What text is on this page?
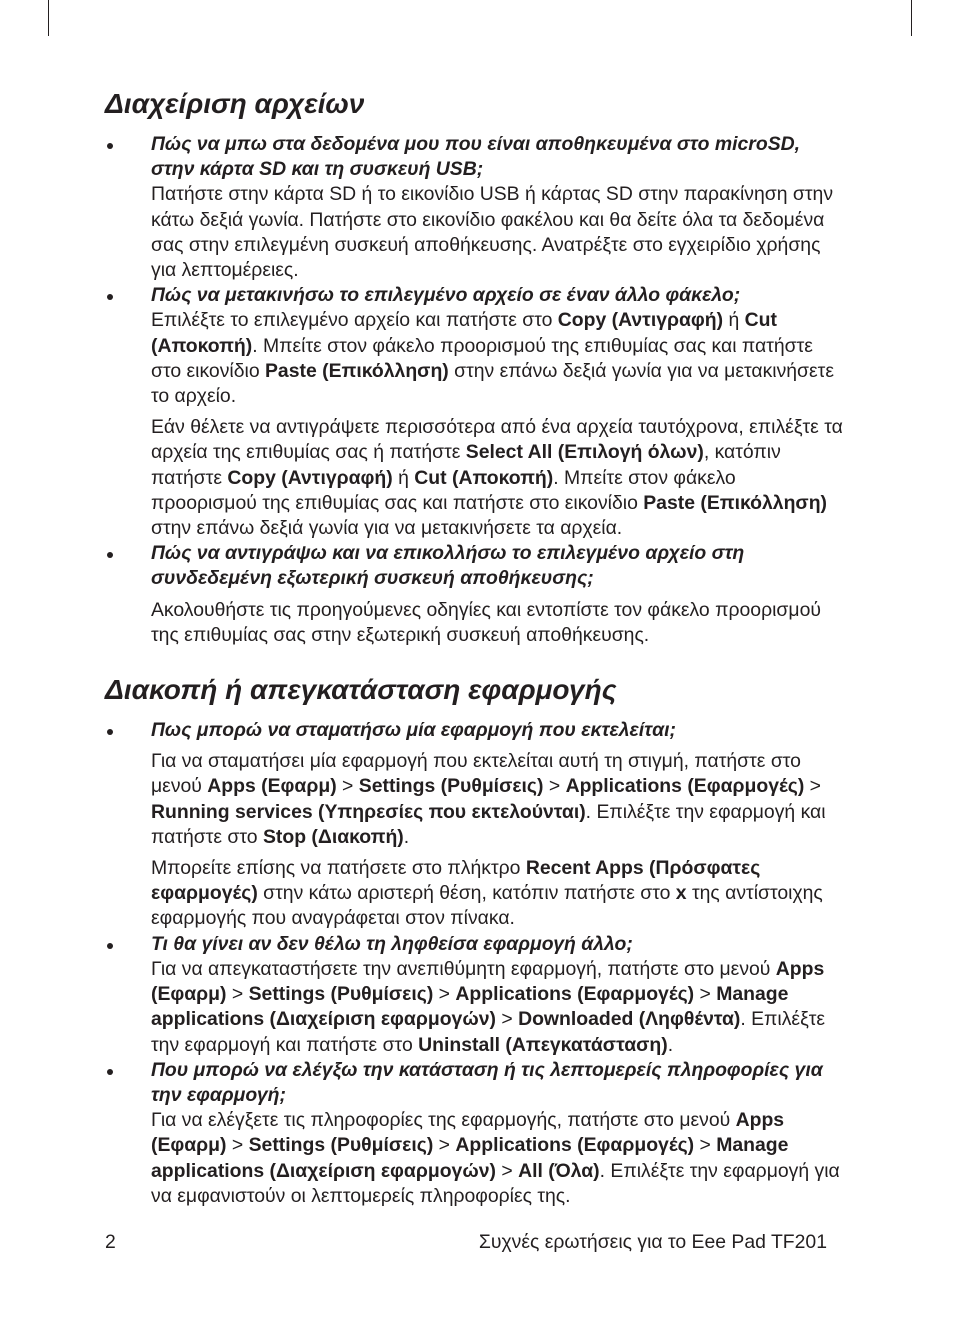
Διαχείριση αρχείων
Πώς να μπω στα δεδομένα μου που είναι αποθηκευμένα στο microSD, στην κάρτα SD και τη συσκευή USB;
Πατήστε στην κάρτα SD ή το εικονίδιο USB ή κάρτας SD στην παρακίνηση στην κάτω δεξιά γωνία. Πατήστε στο εικονίδιο φακέλου και θα δείτε όλα τα δεδομένα σας στην επιλεγμένη συσκευή αποθήκευσης. Ανατρέξτε στο εγχειρίδιο χρήσης για λεπτομέρειες.
Πώς να μετακινήσω το επιλεγμένο αρχείο σε έναν άλλο φάκελο;
Επιλέξτε το επιλεγμένο αρχείο και πατήστε στο Copy (Αντιγραφή) ή Cut (Αποκοπή). Μπείτε στον φάκελο προορισμού της επιθυμίας σας και πατήστε στο εικονίδιο Paste (Επικόλληση) στην επάνω δεξιά γωνία για να μετακινήσετε το αρχείο.
Εάν θέλετε να αντιγράψετε περισσότερα από ένα αρχεία ταυτόχρονα, επιλέξτε τα αρχεία της επιθυμίας σας ή πατήστε Select All (Επιλογή όλων), κατόπιν πατήστε Copy (Αντιγραφή) ή Cut (Αποκοπή). Μπείτε στον φάκελο προορισμού της επιθυμίας σας και πατήστε στο εικονίδιο Paste (Επικόλληση) στην επάνω δεξιά γωνία για να μετακινήσετε τα αρχεία.
Πώς να αντιγράψω και να επικολλήσω το επιλεγμένο αρχείο στη συνδεδεμένη εξωτερική συσκευή αποθήκευσης;
Ακολουθήστε τις προηγούμενες οδηγίες και εντοπίστε τον φάκελο προορισμού της επιθυμίας σας στην εξωτερική συσκευή αποθήκευσης.
Διακοπή ή απεγκατάσταση εφαρμογής
Πως μπορώ να σταματήσω μία εφαρμογή που εκτελείται;
Για να σταματήσει μία εφαρμογή που εκτελείται αυτή τη στιγμή, πατήστε στο μενού Apps (Εφαρμ) > Settings (Ρυθμίσεις) > Applications (Εφαρμογές) > Running services (Υπηρεσίες που εκτελούνται). Επιλέξτε την εφαρμογή και πατήστε στο Stop (Διακοπή).
Μπορείτε επίσης να πατήσετε στο πλήκτρο Recent Apps (Πρόσφατες εφαρμογές) στην κάτω αριστερή θέση, κατόπιν πατήστε στο x της αντίστοιχης εφαρμογής που αναγράφεται στον πίνακα.
Τι θα γίνει αν δεν θέλω τη ληφθείσα εφαρμογή άλλο;
Για να απεγκαταστήσετε την ανεπιθύμητη εφαρμογή, πατήστε στο μενού Apps (Εφαρμ) > Settings (Ρυθμίσεις) > Applications (Εφαρμογές) > Manage applications (Διαχείριση εφαρμογών) > Downloaded (Ληφθέντα). Επιλέξτε την εφαρμογή και πατήστε στο Uninstall (Απεγκατάσταση).
Που μπορώ να ελέγξω την κατάσταση ή τις λεπτομερείς πληροφορίες για την εφαρμογή;
Για να ελέγξετε τις πληροφορίες της εφαρμογής, πατήστε στο μενού Apps (Εφαρμ) > Settings (Ρυθμίσεις) > Applications (Εφαρμογές) > Manage applications (Διαχείριση εφαρμογών) > All (Όλα). Επιλέξτε την εφαρμογή για να εμφανιστούν οι λεπτομερείς πληροφορίες της.
2	Συχνές ερωτήσεις για το Eee Pad TF201
